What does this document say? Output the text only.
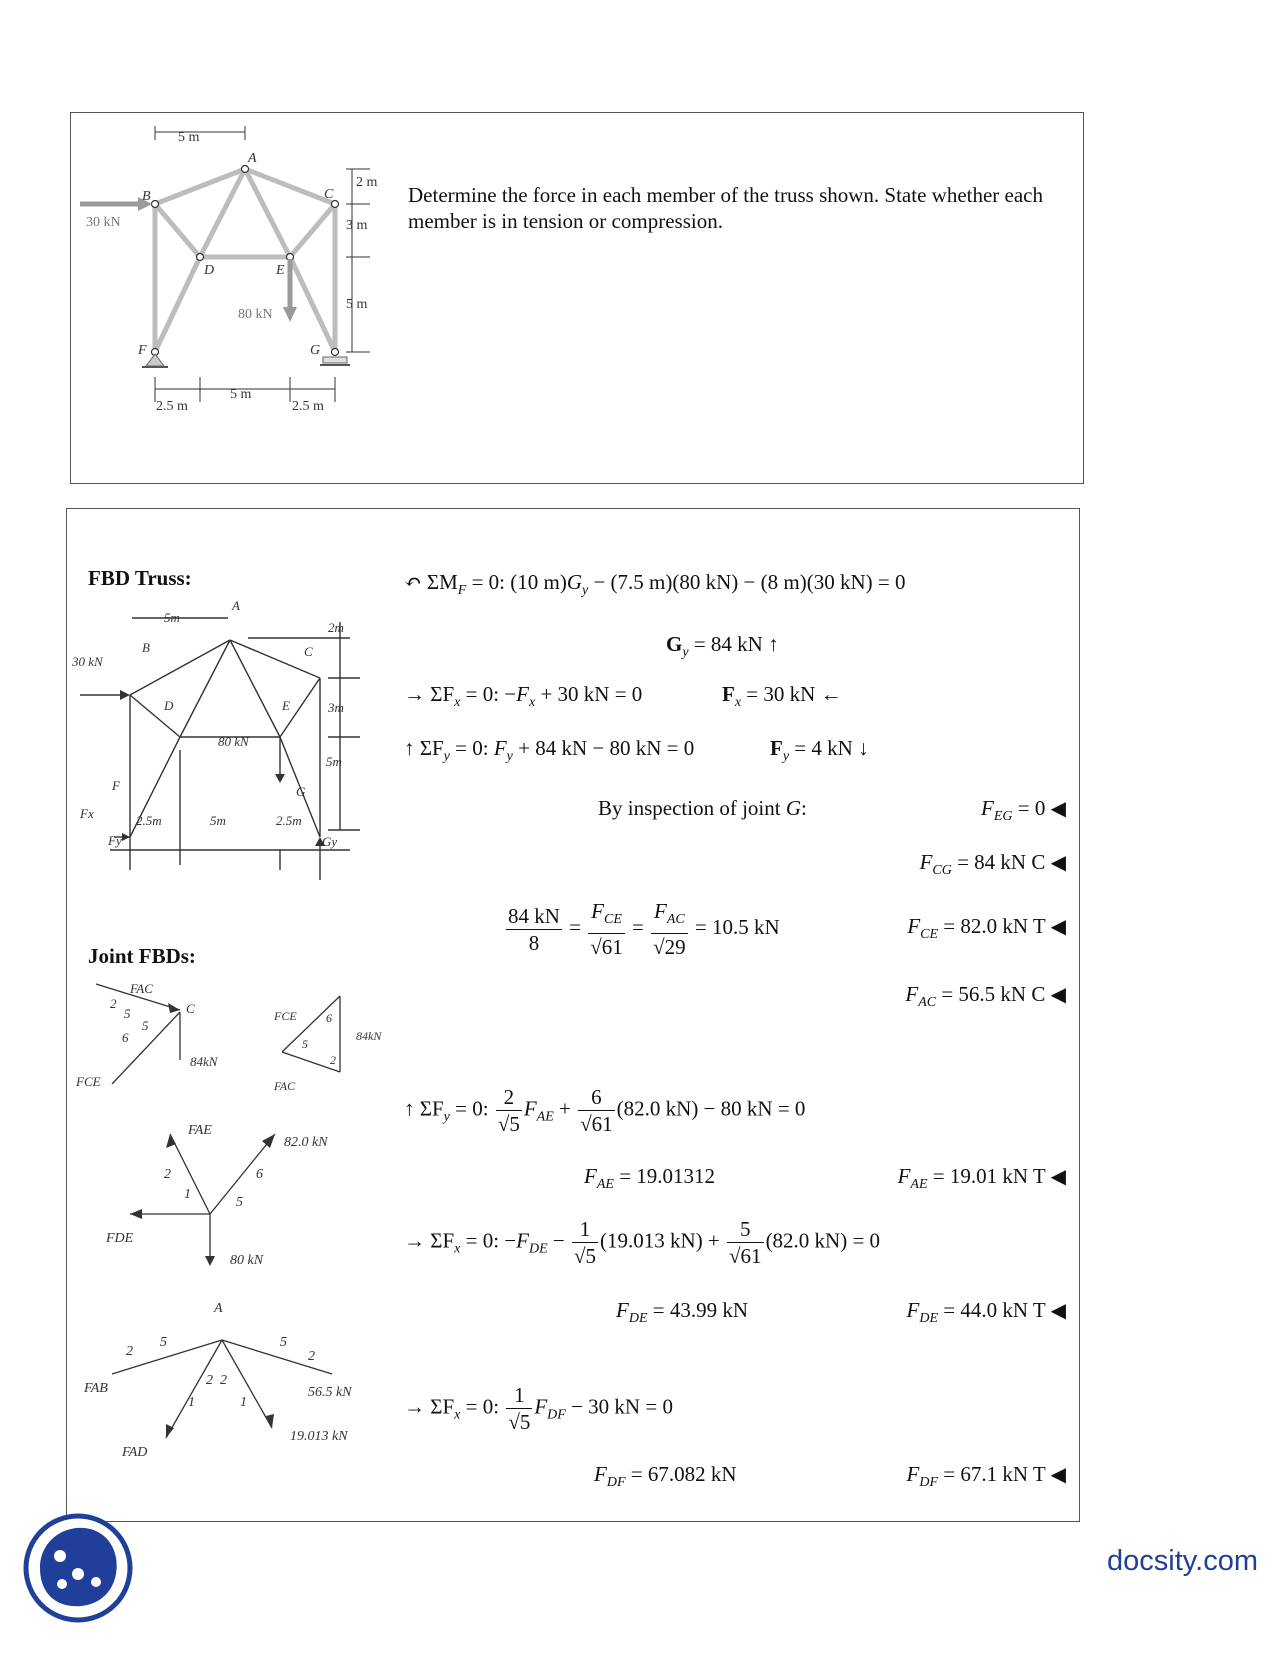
5 m
2 m
3 m
5 m
2.5 m
5 m
2.5 m
30 kN
80 kN
A
B	C
D	E
F	G
Determine the force in each member of the truss shown. State whether each member is in tension or compression.
FBD Truss:
Joint FBDs:
5m
2m
3m
5m
30 kN
80 kN
2.5m	5m	2.5m
Fx
Fy	Gy
A
B	C
D	E
F	G
FAC
C
2
5
5
6
84kN
FCE
FCE
84kN
6
5
2
FAC
FAE
82.0 kN
2
1
6
5
FDE
80 kN
A
2
5	5
2
2 2
1	1
FAB	56.5 kN
19.013 kN
FAD
↶ $\Sigma M_F = 0$: (10 $m)G_y - (7.5$ m)(80 kN) − (8 m)(30 kN) = 0
$G_y = 84$ kN ↑
→ $\Sigma F_x = 0$: $-F_x + 30$ kN = 0	$F_x = 30$ kN ←
↑ $\Sigma F_y = 0$: $F_y + 84$ kN − 80 kN = 0	$F_y = 4$ kN ↓
By inspection of joint G:	$F_{EG} = 0$ ◀
$F_{CG} = 84$ kN C ◀
$\frac{84 kN}{8} = \frac{F_{CE}}{√61} = \frac{F_{AC}}{√29} = 10.5$ kN	$F_{CE} = 82.0$ kN T ◀
$F_{AC} = 56.5$ kN C ◀
↑ $\Sigma F_y = 0$: $\frac{2}{√5} F_{AE} + \frac{6}{√61} (82.0$ kN) − 80 kN = 0
$F_{AE} = 19.01312$	$F_{AE} = 19.01$ kN T ◀
→ $\Sigma F_x = 0$: $-F_{DE} - \frac{1}{√5} (19.013$ $kN) + \frac{5}{√61} (82.0$ kN) = 0
$F_{DE} = 43.99$ kN	$F_{DE} = 44.0$ kN T ◀
→ $\Sigma F_x = 0$: $\frac{1}{√5} F_{DF} - 30$ kN = 0
$F_{DF} = 67.082$ kN	$F_{DF} = 67.1$ kN T ◀
docsity.com
